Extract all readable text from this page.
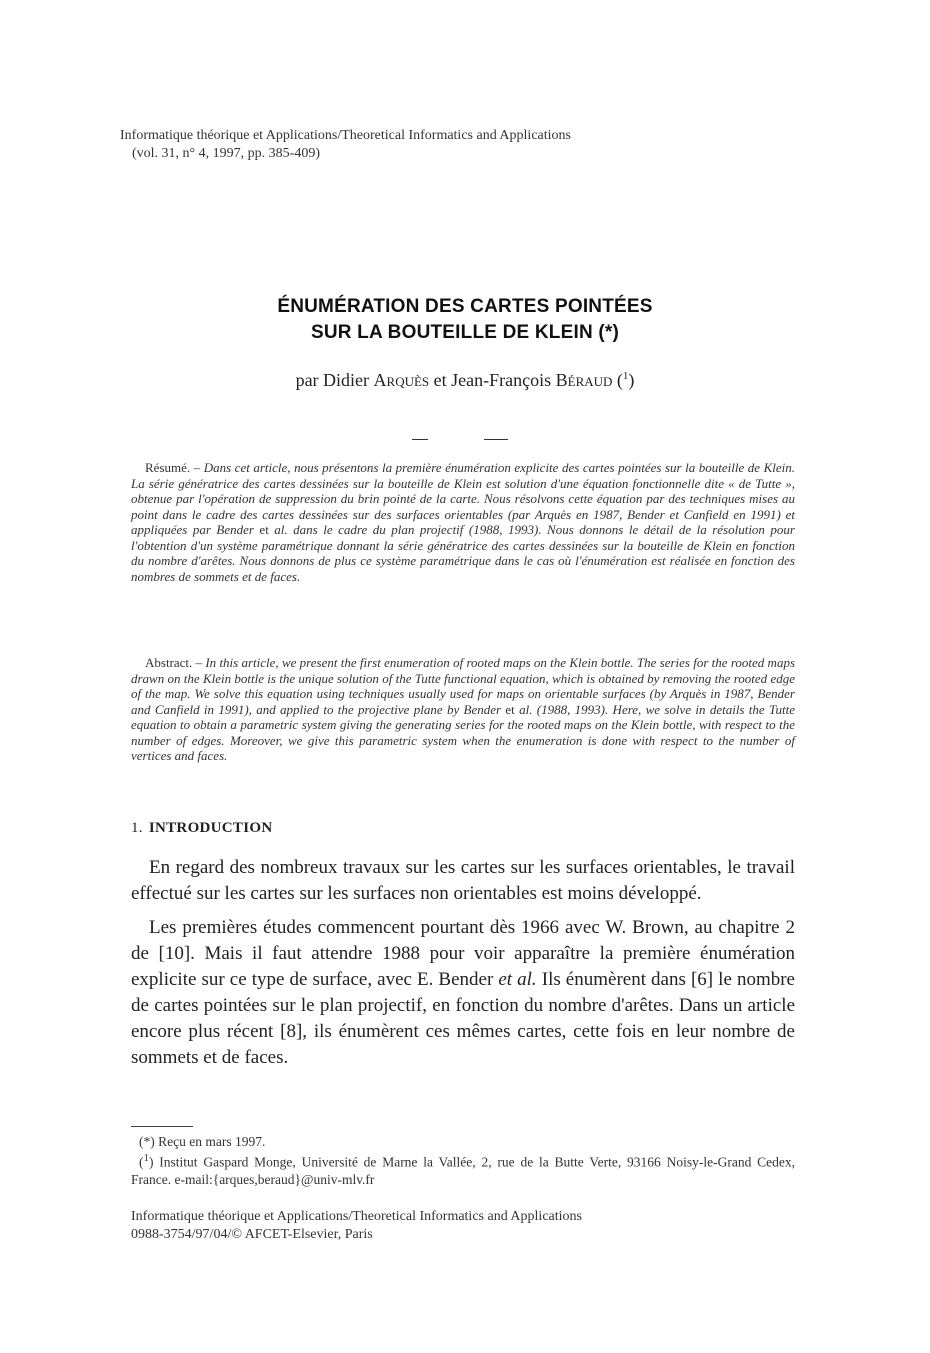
Informatique théorique et Applications/Theoretical Informatics and Applications
(vol. 31, n° 4, 1997, pp. 385-409)
ÉNUMÉRATION DES CARTES POINTÉES
SUR LA BOUTEILLE DE KLEIN (*)
par Didier Arquès et Jean-François Béraud ($^1$)
Résumé. – Dans cet article, nous présentons la première énumération explicite des cartes pointées sur la bouteille de Klein. La série génératrice des cartes dessinées sur la bouteille de Klein est solution d'une équation fonctionnelle dite « de Tutte », obtenue par l'opération de suppression du brin pointé de la carte. Nous résolvons cette équation par des techniques mises au point dans le cadre des cartes dessinées sur des surfaces orientables (par Arquès en 1987, Bender et Canfield en 1991) et appliquées par Bender et al. dans le cadre du plan projectif (1988, 1993). Nous donnons le détail de la résolution pour l'obtention d'un système paramétrique donnant la série génératrice des cartes dessinées sur la bouteille de Klein en fonction du nombre d'arêtes. Nous donnons de plus ce système paramétrique dans le cas où l'énumération est réalisée en fonction des nombres de sommets et de faces.
Abstract. – In this article, we present the first enumeration of rooted maps on the Klein bottle. The series for the rooted maps drawn on the Klein bottle is the unique solution of the Tutte functional equation, which is obtained by removing the rooted edge of the map. We solve this equation using techniques usually used for maps on orientable surfaces (by Arquès in 1987, Bender and Canfield in 1991), and applied to the projective plane by Bender et al. (1988, 1993). Here, we solve in details the Tutte equation to obtain a parametric system giving the generating series for the rooted maps on the Klein bottle, with respect to the number of edges. Moreover, we give this parametric system when the enumeration is done with respect to the number of vertices and faces.
1. INTRODUCTION

En regard des nombreux travaux sur les cartes sur les surfaces orientables, le travail effectué sur les cartes sur les surfaces non orientables est moins développé.

Les premières études commencent pourtant dès 1966 avec W. Brown, au chapitre 2 de [10]. Mais il faut attendre 1988 pour voir apparaître la première énumération explicite sur ce type de surface, avec E. Bender et al. Ils énumèrent dans [6] le nombre de cartes pointées sur le plan projectif, en fonction du nombre d'arêtes. Dans un article encore plus récent [8], ils énumèrent ces mêmes cartes, cette fois en leur nombre de sommets et de faces.

(*) Reçu en mars 1997.
($^1$) Institut Gaspard Monge, Université de Marne la Vallée, 2, rue de la Butte Verte, 93166 Noisy-le-Grand Cedex, France. e-mail:{arques,beraud}@univ-mlv.fr
Informatique théorique et Applications/Theoretical Informatics and Applications
0988-3754/97/04/© AFCET-Elsevier, Paris
